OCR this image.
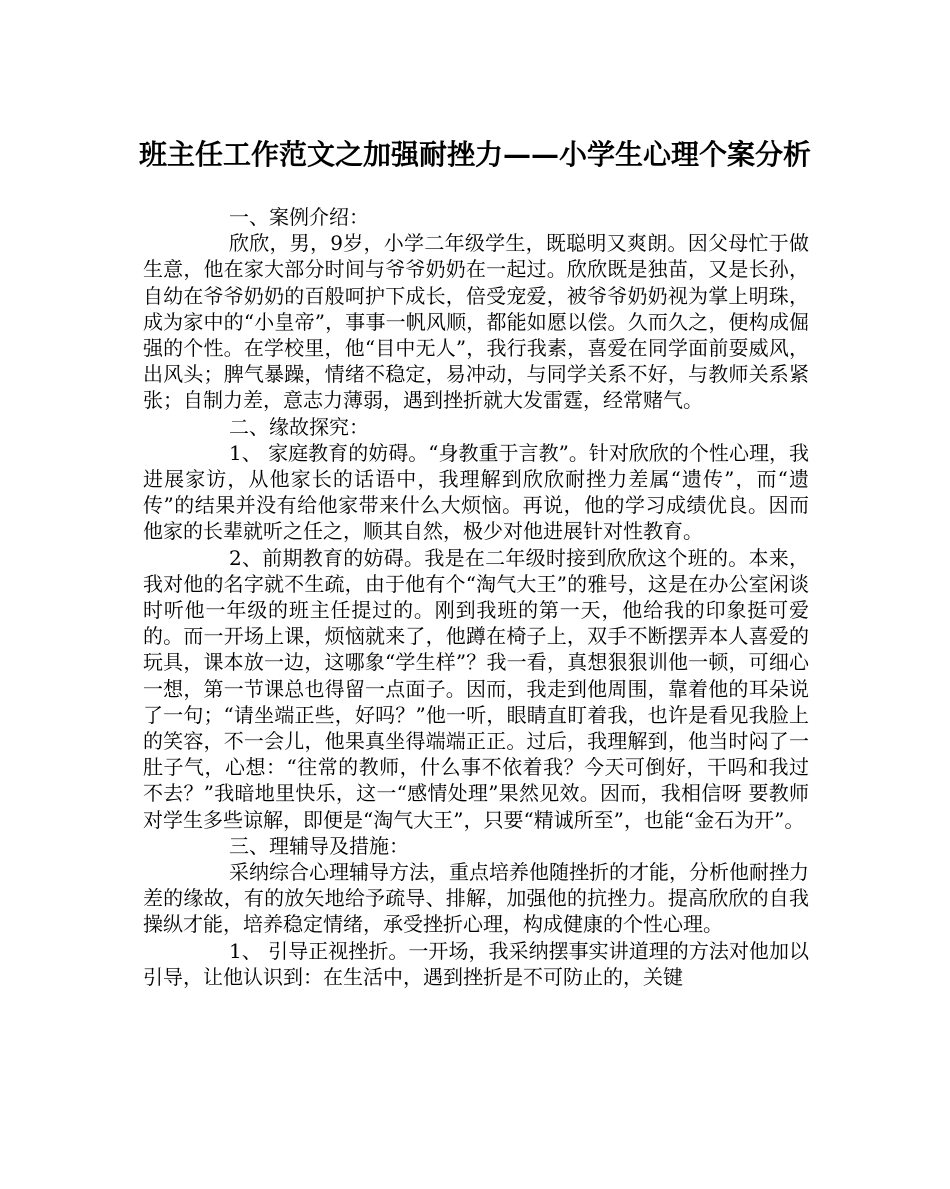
班主任工作范文之加强耐挫力——小学生心理个案分析

一、案例介绍：

欣欣，男，9岁，小学二年级学生，既聪明又爽朗。因父母忙于做生意，他在家大部分时间与爷爷奶奶在一起过。欣欣既是独苗，又是长孙，自幼在爷爷奶奶的百般呵护下成长，倍受宠爱，被爷爷奶奶视为掌上明珠，成为家中的“小皇帝”，事事一帆风顺，都能如愿以偿。久而久之，便构成倔强的个性。在学校里，他“目中无人”，我行我素，喜爱在同学面前耍威风，出风头；脾气暴躁，情绪不稳定，易冲动，与同学关系不好，与教师关系紧张；自制力差，意志力薄弱，遇到挫折就大发雷霆，经常赌气。

二、缘故探究：

1、 家庭教育的妨碍。“身教重于言教”。针对欣欣的个性心理，我进展家访，从他家长的话语中，我理解到欣欣耐挫力差属“遗传”，而“遗传”的结果并没有给他家带来什么大烦恼。再说，他的学习成绩优良。因而他家的长辈就听之任之，顺其自然，极少对他进展针对性教育。

2、前期教育的妨碍。我是在二年级时接到欣欣这个班的。本来，我对他的名字就不生疏，由于他有个“淘气大王”的雅号，这是在办公室闲谈时听他一年级的班主任提过的。刚到我班的第一天，他给我的印象挺可爱的。而一开场上课，烦恼就来了，他蹲在椅子上，双手不断摆弄本人喜爱的玩具，课本放一边，这哪象“学生样”？我一看，真想狠狠训他一顿，可细心一想，第一节课总也得留一点面子。因而，我走到他周围，靠着他的耳朵说了一句；“请坐端正些，好吗？”他一听，眼睛直盯着我，也许是看见我脸上的笑容，不一会儿，他果真坐得端端正正。过后，我理解到，他当时闷了一肚子气，心想：“往常的教师，什么事不依着我？今天可倒好，干吗和我过不去？”我暗地里快乐，这一“感情处理”果然见效。因而，我相信呀 要教师对学生多些谅解，即便是“淘气大王”，只要“精诚所至”，也能“金石为开”。

三、理辅导及措施：

采纳综合心理辅导方法，重点培养他随挫折的才能，分析他耐挫力差的缘故，有的放矢地给予疏导、排解，加强他的抗挫力。提高欣欣的自我操纵才能，培养稳定情绪，承受挫折心理，构成健康的个性心理。

1、 引导正视挫折。一开场，我采纳摆事实讲道理的方法对他加以引导，让他认识到：在生活中，遇到挫折是不可防止的，关键
